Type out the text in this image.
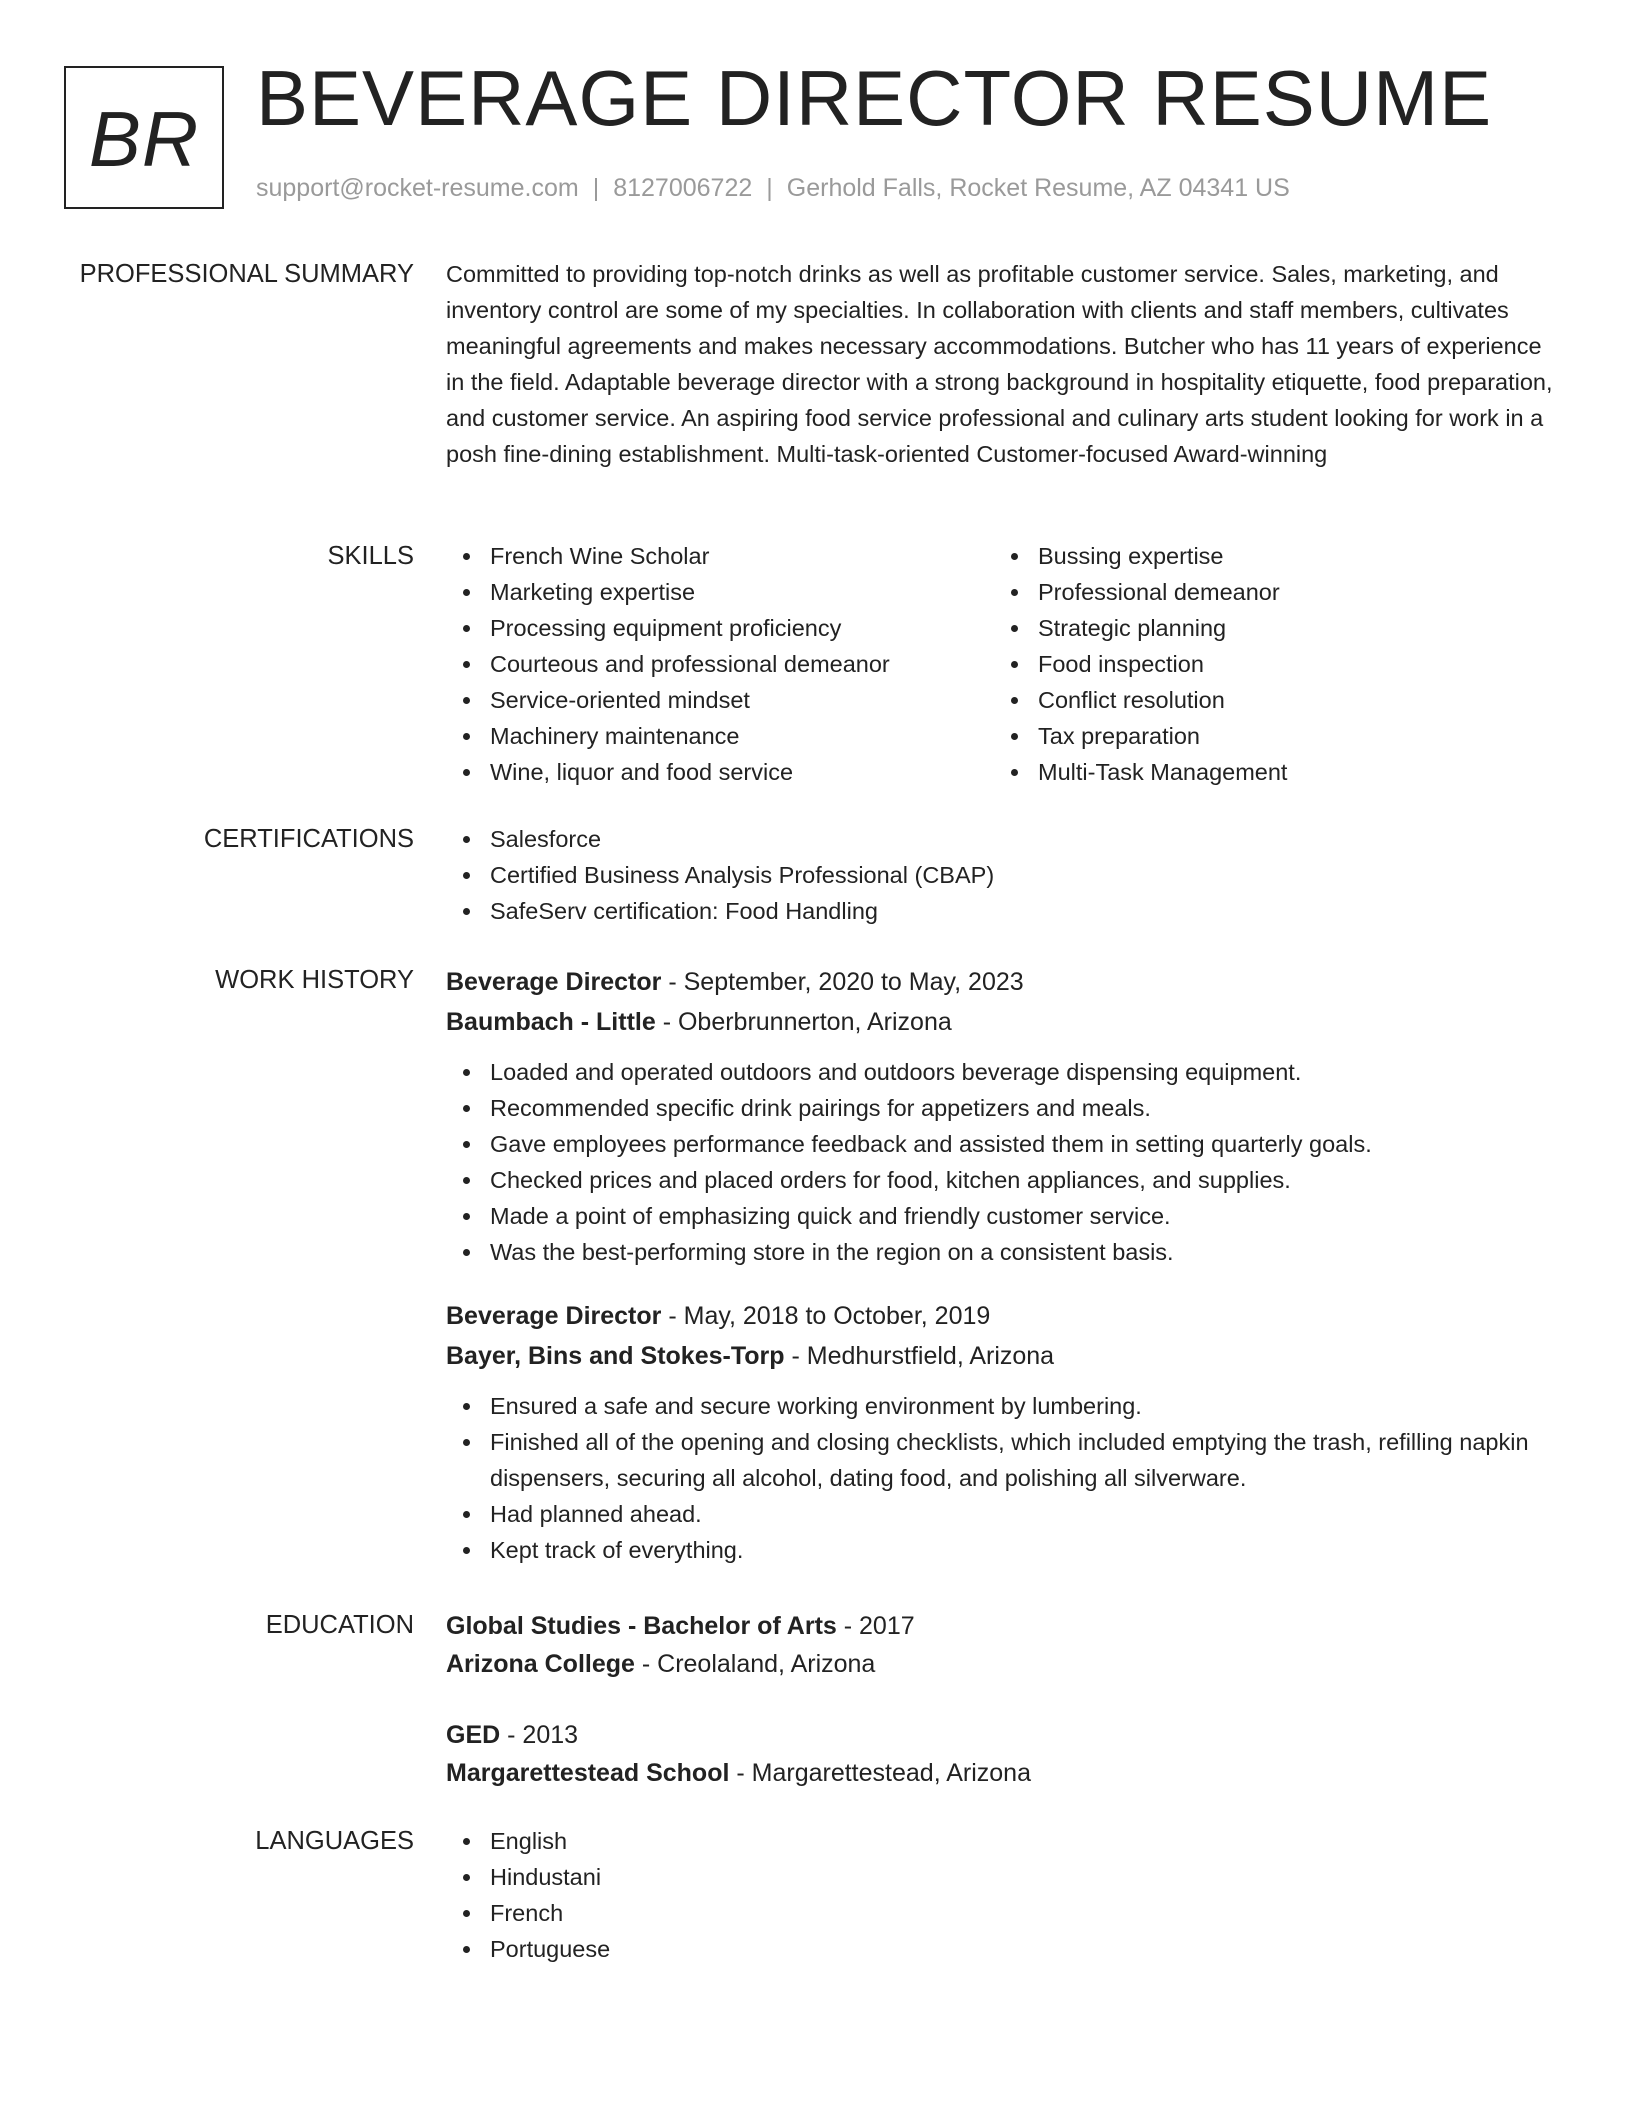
BR BEVERAGE DIRECTOR RESUME
support@rocket-resume.com | 8127006722 | Gerhold Falls, Rocket Resume, AZ 04341 US
PROFESSIONAL SUMMARY Committed to providing top-notch drinks as well as profitable customer service. Sales, marketing, and inventory control are some of my specialties. In collaboration with clients and staff members, cultivates meaningful agreements and makes necessary accommodations. Butcher who has 11 years of experience in the field. Adaptable beverage director with a strong background in hospitality etiquette, food preparation, and customer service. An aspiring food service professional and culinary arts student looking for work in a posh fine-dining establishment. Multi-task-oriented Customer-focused Award-winning
SKILLS	French Wine Scholar
Marketing expertise
Processing equipment proficiency
Courteous and professional demeanor
Service-oriented mindset
Machinery maintenance
Wine, liquor and food service
Bussing expertise
Professional demeanor
Strategic planning
Food inspection
Conflict resolution
Tax preparation
Multi-Task Management
CERTIFICATIONS	Salesforce
Certified Business Analysis Professional (CBAP)
SafeServ certification: Food Handling
WORK HISTORY Beverage Director - September, 2020 to May, 2023
Baumbach - Little - Oberbrunnerton, Arizona
Loaded and operated outdoors and outdoors beverage dispensing equipment.
Recommended specific drink pairings for appetizers and meals.
Gave employees performance feedback and assisted them in setting quarterly goals.
Checked prices and placed orders for food, kitchen appliances, and supplies.
Made a point of emphasizing quick and friendly customer service.
Was the best-performing store in the region on a consistent basis.
Beverage Director - May, 2018 to October, 2019
Bayer, Bins and Stokes-Torp - Medhurstfield, Arizona
Ensured a safe and secure working environment by lumbering.
Finished all of the opening and closing checklists, which included emptying the trash, refilling napkin dispensers, securing all alcohol, dating food, and polishing all silverware.
Had planned ahead.
Kept track of everything.
EDUCATION Global Studies - Bachelor of Arts - 2017
Arizona College - Creolaland, Arizona
GED - 2013
Margarettestead School - Margarettestead, Arizona
LANGUAGES	English
Hindustani
French
Portuguese
